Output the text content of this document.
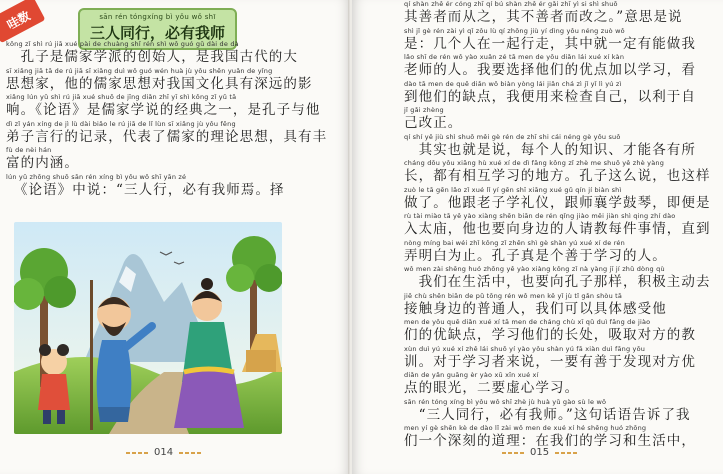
哇数	sān rén tóngxíng bì yǒu wǒ shī
三人同行，必有我师
kǒng zǐ shì rú jiā xué pài de chuàng shǐ rén shì wǒ guó gǔ dài de dà
　孔子是儒家学派的创始人，是我国古代的大
sī xiǎng jiā tā de rú jiā sī xiǎng duì wǒ guó wén huà jù yǒu shēn yuǎn de yǐng
思想家，他的儒家思想对我国文化具有深远的影
xiǎng lún yǔ shì rú jiā xué shuō de jīng diǎn zhī yī shì kǒng zǐ yǔ tā
响。《论语》是儒家学说的经典之一，是孔子与他
dì zǐ yán xíng de jì lù dài biǎo le rú jiā de lǐ lùn sī xiǎng jù yǒu fēng
弟子言行的记录，代表了儒家的理论思想，具有丰
fù de nèi hán
富的内涵。
lún yǔ zhōng shuō sān rén xíng bì yǒu wǒ shī yān zé
　《论语》中说：“三人行，必有我师焉。择
014
qí shàn zhě ér cóng zhī qí bú shàn zhě ér gǎi zhī yì si shì shuō
其善者而从之，其不善者而改之。”意思是说
shì jǐ gè rén zài yì qǐ zǒu lù qí zhōng jiù yí dìng yǒu néng zuò wǒ
是：几个人在一起行走，其中就一定有能做我
lǎo shī de rén wǒ yào xuǎn zé tā men de yōu diǎn lái xué xí kàn
老师的人。我要选择他们的优点加以学习，看
dào tā men de quē diǎn wǒ biàn yòng lái jiǎn chá zì jǐ yǐ lì yú zì
到他们的缺点，我便用来检查自己，以利于自
jǐ gǎi zhèng
己改正。
qí shí yě jiù shì shuō měi gè rén de zhī shi cái néng gè yǒu suǒ
　其实也就是说，每个人的知识、才能各有所
cháng dōu yǒu xiāng hù xué xí de dì fāng kǒng zǐ zhè me shuō yě zhè yàng
长，都有相互学习的地方。孔子这么说，也这样
zuò le tā gēn lǎo zǐ xué lǐ yí gēn shī xiāng xué gǔ qín jí biàn shì
做了。他跟老子学礼仪，跟师襄学鼓琴，即便是
rù tài miào tā yě yào xiàng shēn biān de rén qǐng jiào měi jiàn shì qing zhí dào
入太庙，他也要向身边的人请教每件事情，直到
nòng míng bai wéi zhǐ kǒng zǐ zhēn shì gè shàn yú xué xí de rén
弄明白为止。孔子真是个善于学习的人。
wǒ men zài shēng huó zhōng yě yào xiàng kǒng zǐ nà yàng jī jí zhǔ dòng qù
　我们在生活中，也要向孔子那样，积极主动去
jiē chù shēn biān de pǔ tōng rén wǒ men kě yǐ jù tǐ gǎn shòu tā
接触身边的普通人，我们可以具体感受他
men de yōu quē diǎn xué xí tā men de cháng chù xī qǔ duì fāng de jiào
们的优缺点，学习他们的长处，吸取对方的教
xùn duì yú xué xí zhě lái shuō yí yào yǒu shàn yú fā xiàn duì fāng yōu
训。对于学习者来说，一要有善于发现对方优
diǎn de yǎn guāng èr yào xū xīn xué xí
点的眼光，二要虚心学习。
sān rén tóng xíng bì yǒu wǒ shī zhè jù huà yǔ gào sù le wǒ
　“三人同行，必有我师。”这句话语告诉了我
men yí gè shēn kè de dào lǐ zài wǒ men de xué xí hé shēng huó zhōng
们一个深刻的道理：在我们的学习和生活中，
015
